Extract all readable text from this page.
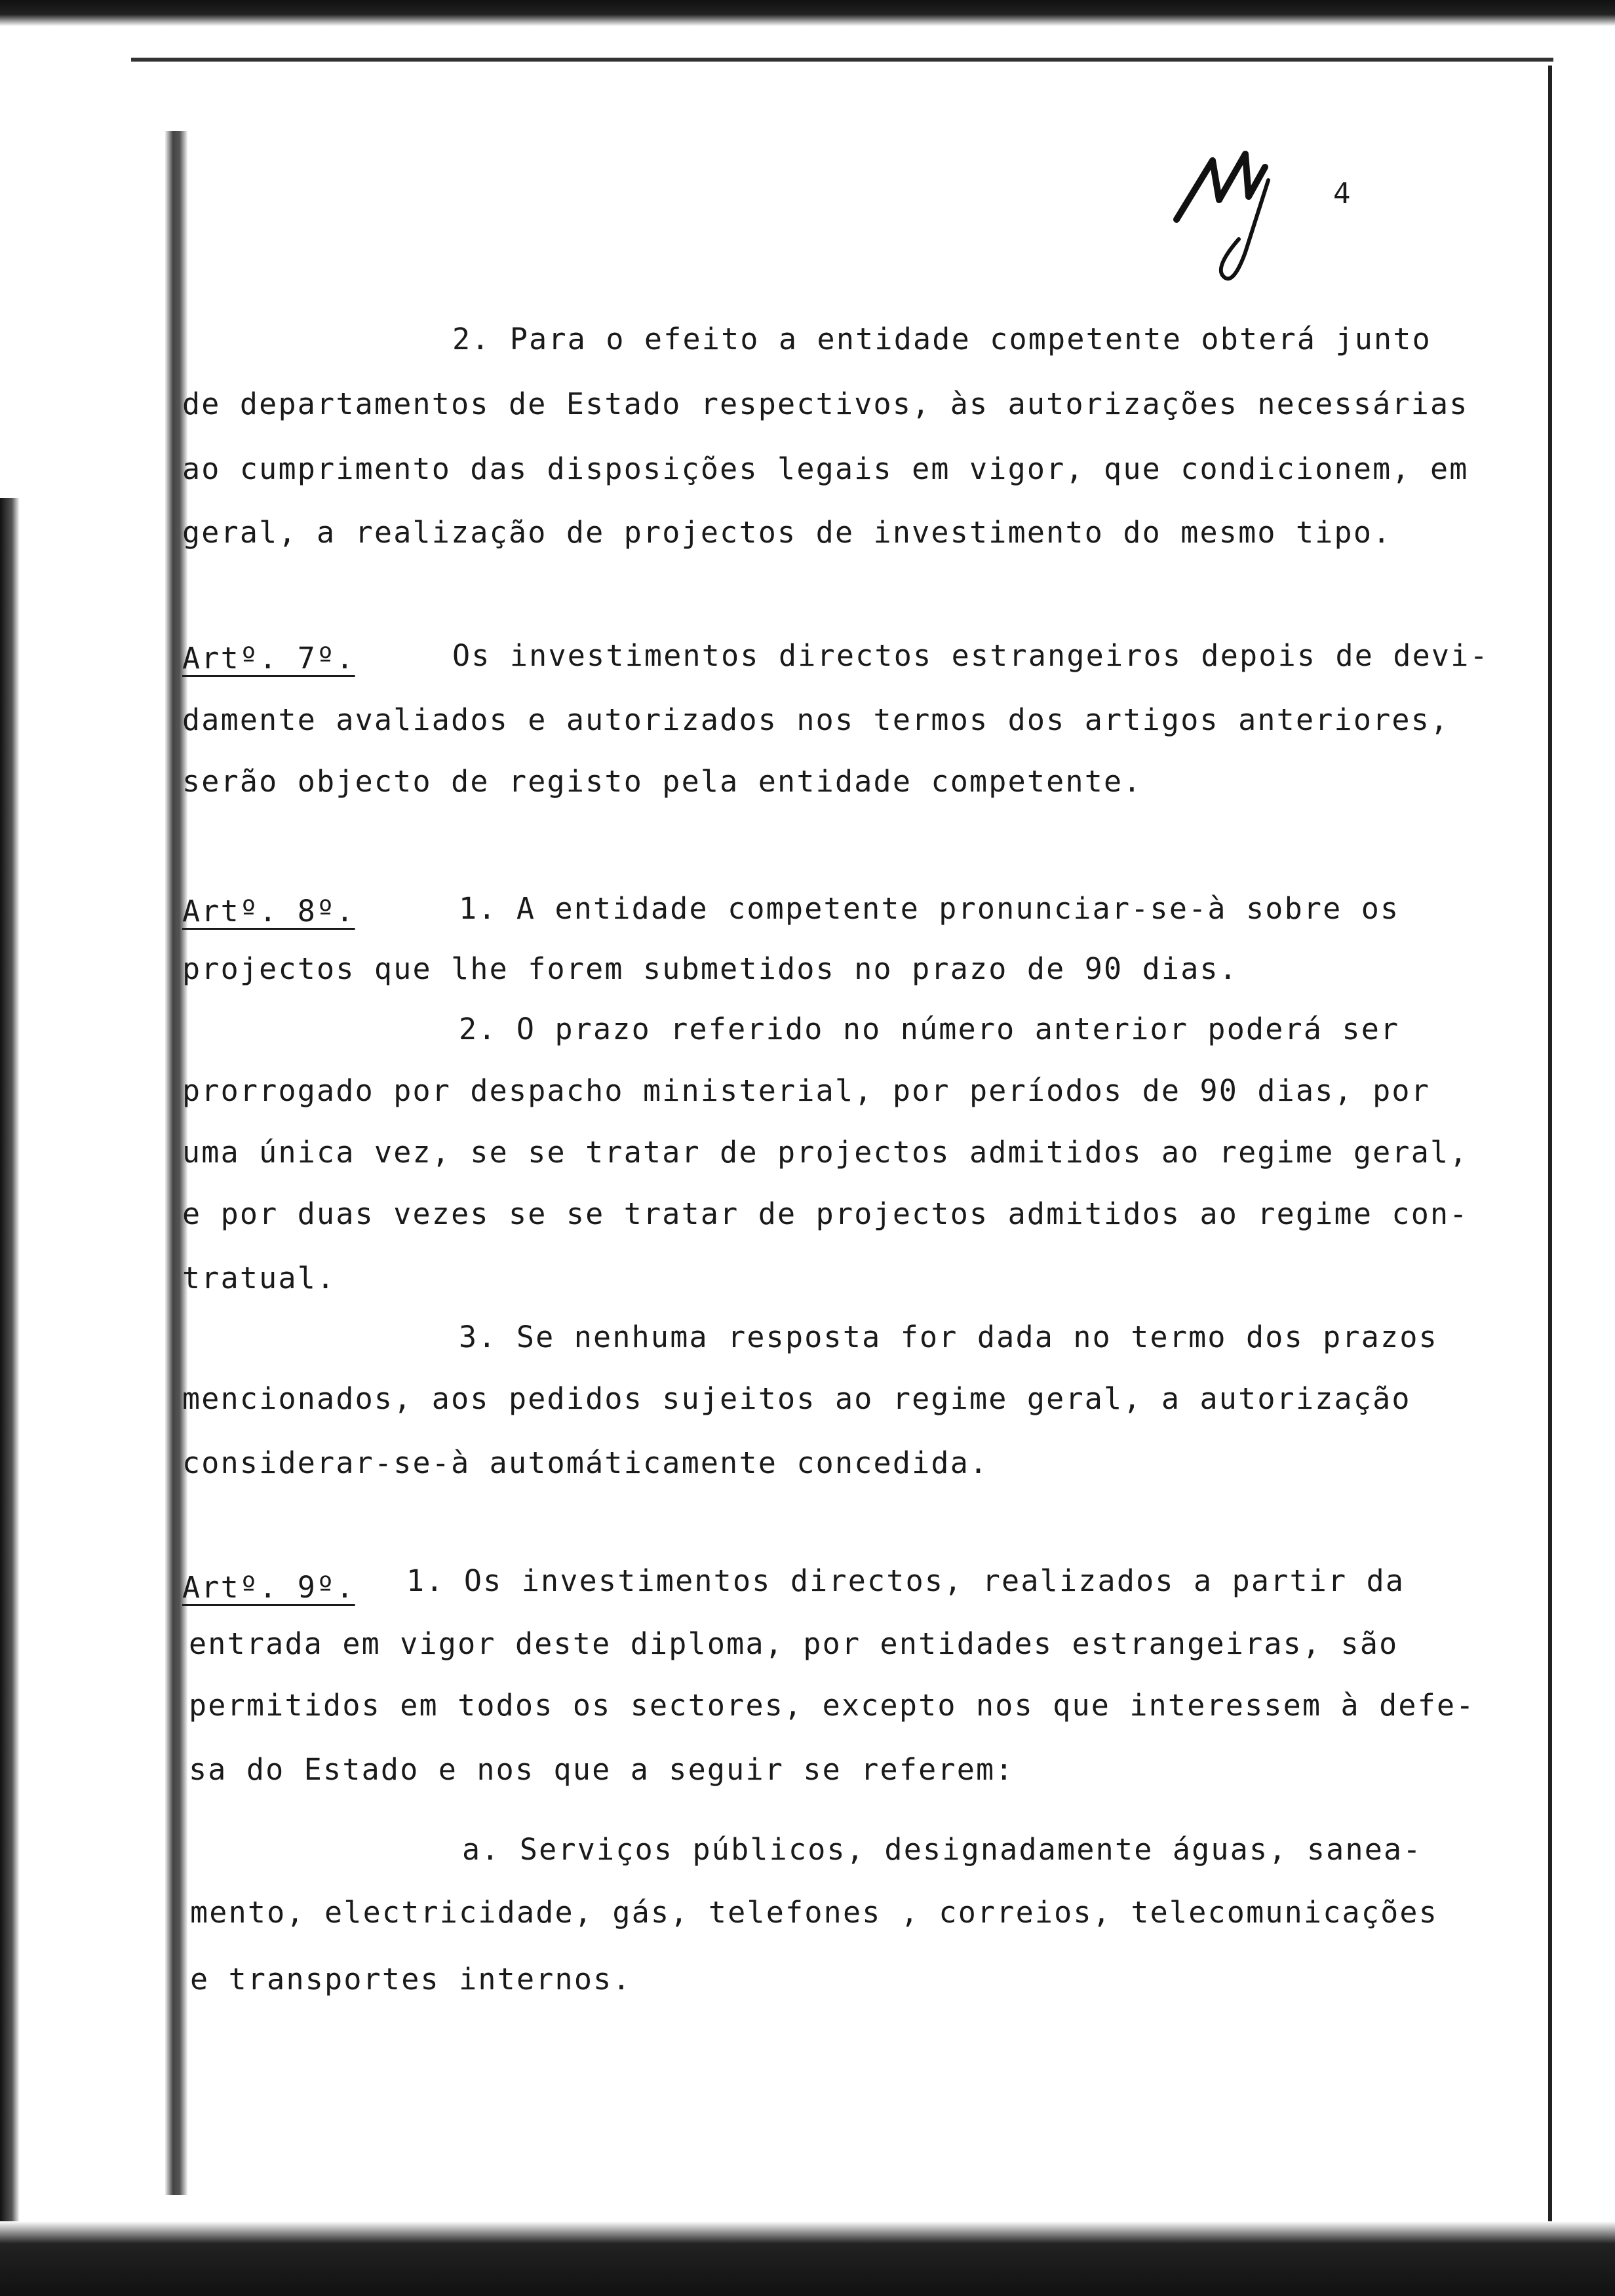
4
2. Para o efeito a entidade competente obterá junto
de departamentos de Estado respectivos, às autorizações necessárias
ao cumprimento das disposições legais em vigor, que condicionem, em
geral, a realização de projectos de investimento do mesmo tipo.
Artº. 7º.	Os investimentos directos estrangeiros depois de devi-
damente avaliados e autorizados nos termos dos artigos anteriores,
serão objecto de registo pela entidade competente.
Artº. 8º.	1. A entidade competente pronunciar-se-à sobre os
projectos que lhe forem submetidos no prazo de 90 dias.
2. O prazo referido no número anterior poderá ser
prorrogado por despacho ministerial, por períodos de 90 dias, por
uma única vez, se se tratar de projectos admitidos ao regime geral,
e por duas vezes se se tratar de projectos admitidos ao regime con-
tratual.
3. Se nenhuma resposta for dada no termo dos prazos
mencionados, aos pedidos sujeitos ao regime geral, a autorização
considerar-se-à automáticamente concedida.
Artº. 9º. 1. Os investimentos directos, realizados a partir da
entrada em vigor deste diploma, por entidades estrangeiras, são
permitidos em todos os sectores, excepto nos que interessem à defe-
sa do Estado e nos que a seguir se referem:
a. Serviços públicos, designadamente águas, sanea-
mento, electricidade, gás, telefones , correios, telecomunicações
e transportes internos.
